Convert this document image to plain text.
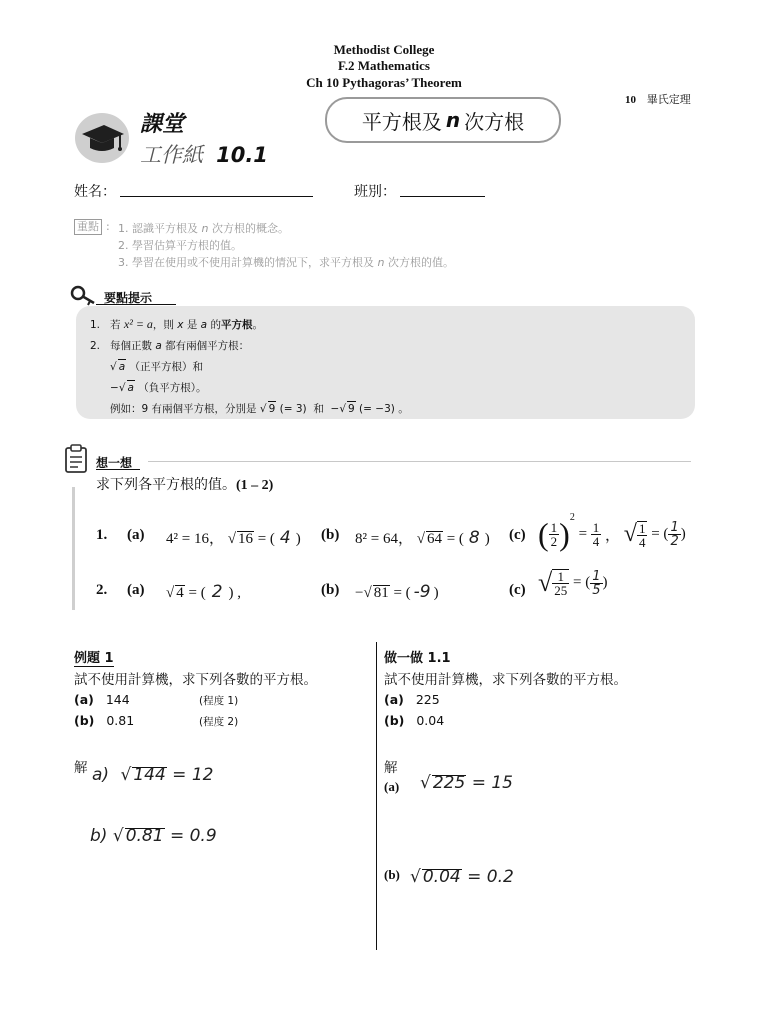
Methodist College
F.2 Mathematics
Ch 10 Pythagoras’ Theorem
10 畢氏定理
課堂
工作紙 10.1
平方根及 n 次方根
姓名：	班別：
重點 : 1. 認識平方根及 n 次方根的概念。
2. 學習估算平方根的值。
3. 學習在使用或不使用計算機的情況下，求平方根及 n 次方根的值。
要點提示
1. 若 x² = a，則 x 是 a 的平方根。
2. 每個正數 a 都有兩個平方根：
√ a （正平方根）和
− √ a （負平方根）。
例如：9 有兩個平方根，分別是 √ 9 (= 3) 和 − √ 9 (= −3) 。
想一想
求下列各平方根的值。(1 – 2)
1. (a) 4² = 16， √ 16 = ( 4 ) (b) 8² = 64， √ 64 = ( 8 ) (c) ( $\frac{1}{2} )^2 = \frac{1}{4}$ ， √ $\frac{1}{4}$ = ( $\frac{1}{2}$ )
2. (a) √	4 = ( 2 ) ,	(b) − √ 81 = ( -9 )	(c) √ $\frac{1}{25}$ = ( $\frac{1}{5}$ )
例題 1
試不使用計算機，求下列各數的平方根。
(a) 144	(程度 1)
(b) 0.81	(程度 2)
解 a) √ 144 = 12
b) √ 0.81 = 0.9
做一做 1.1
試不使用計算機，求下列各數的平方根。
(a) 225
(b) 0.04
解
(a) √	225 = 15
(b) √	0.04 = 0.2
